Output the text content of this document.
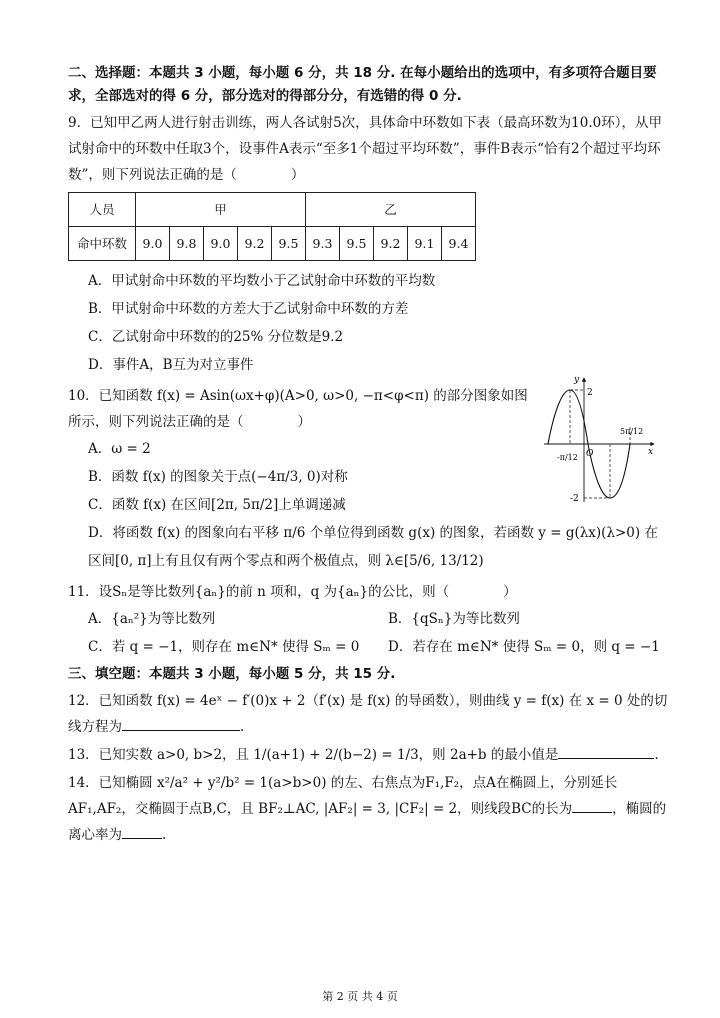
二、选择题：本题共 3 小题，每小题 6 分，共 18 分. 在每小题给出的选项中，有多项符合题目要求，全部选对的得 6 分，部分选对的得部分分，有选错的得 0 分.
9．已知甲乙两人进行射击训练，两人各试射5次，具体命中环数如下表（最高环数为10.0环），从甲试射命中的环数中任取3个，设事件A表示“至多1个超过平均环数”，事件B表示“恰有2个超过平均环数”，则下列说法正确的是（　　　　）
人员	甲					乙				
命中环数	9.0	9.8	9.0	9.2	9.5	9.3	9.5	9.2	9.1	9.4
A．甲试射命中环数的平均数小于乙试射命中环数的平均数
B．甲试射命中环数的方差大于乙试射命中环数的方差
C．乙试射命中环数的的25% 分位数是9.2
D．事件A，B互为对立事件
10．已知函数 f(x) = Asin(ωx+φ)(A>0, ω>0, −π<φ<π) 的部分图象如图所示，则下列说法正确的是（　　　　）
A．ω = 2
B．函数 f(x) 的图象关于点(−4π/3, 0)对称
C．函数 f(x) 在区间[2π, 5π/2]上单调递减
D．将函数 f(x) 的图象向右平移 π/6 个单位得到函数 g(x) 的图象，若函数 y = g(λx)(λ>0) 在区间[0, π]上有且仅有两个零点和两个极值点，则 λ∈[5/6, 13/12)
11．设Sₙ是等比数列{aₙ}的前 n 项和，q 为{aₙ}的公比，则（　　　　）
A．{aₙ²}为等比数列	B．{qSₙ}为等比数列
C．若 q = −1，则存在 m∈N* 使得 Sₘ = 0	D．若存在 m∈N* 使得 Sₘ = 0，则 q = −1
三、填空题：本题共 3 小题，每小题 5 分，共 15 分.
12．已知函数 f(x) = 4eˣ − f′(0)x + 2（f′(x) 是 f(x) 的导函数），则曲线 y = f(x) 在 x = 0 处的切线方程为	.
13．已知实数 a>0, b>2，且 1/(a+1) + 2/(b−2) = 1/3，则 2a+b 的最小值是	.
14．已知椭圆 x²/a² + y²/b² = 1(a>b>0) 的左、右焦点为F₁,F₂，点A在椭圆上，分别延长AF₁,AF₂，交椭圆于点B,C，且 BF₂⊥AC, |AF₂| = 3, |CF₂| = 2，则线段BC的长为	，椭圆的离心率为	.
2
-2
-π/12
5π/12
O	x
y
第 2 页 共 4 页
